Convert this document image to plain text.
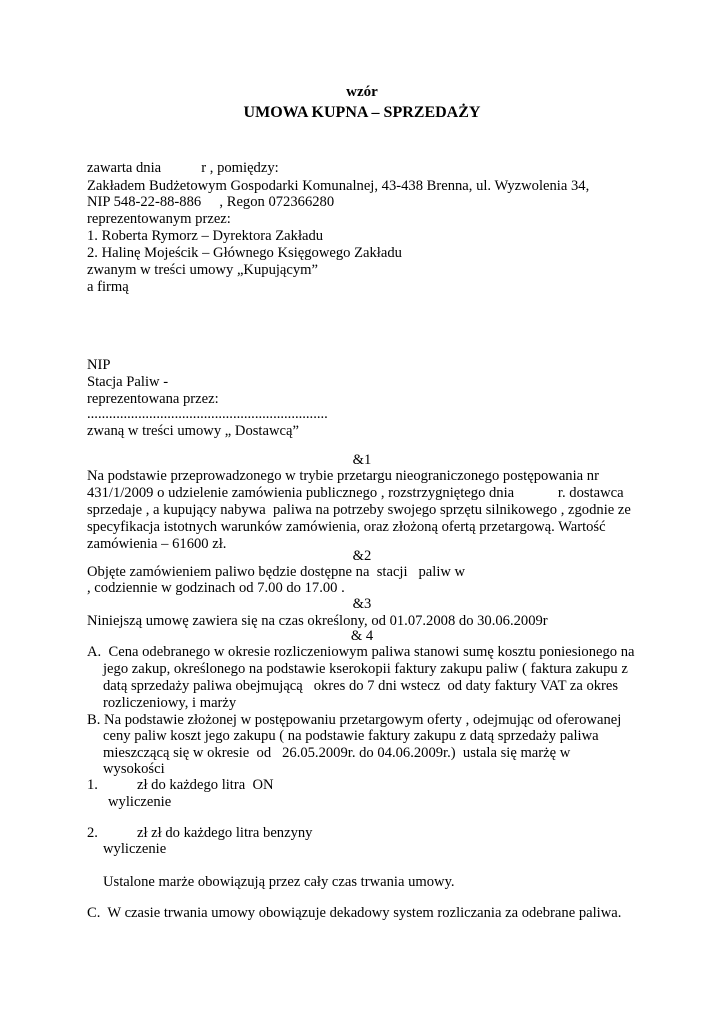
wzór
UMOWA KUPNA – SPRZEDAŻY
zawarta dnia           r , pomiędzy:
Zakładem Budżetowym Gospodarki Komunalnej, 43-438 Brenna, ul. Wyzwolenia 34,
NIP 548-22-88-886     , Regon 072366280
reprezentowanym przez:
1. Roberta Rymorz – Dyrektora Zakładu
2. Halinę Mojeścik – Głównego Księgowego Zakładu
zwanym w treści umowy „Kupującym”
a firmą
NIP
Stacja Paliw -
reprezentowana przez:
..................................................................
zwaną w treści umowy „ Dostawcą”
&1
Na podstawie przeprowadzonego w trybie przetargu nieograniczonego postępowania nr
431/1/2009 o udzielenie zamówienia publicznego , rozstrzygniętego dnia            r. dostawca
sprzedaje , a kupujący nabywa  paliwa na potrzeby swojego sprzętu silnikowego , zgodnie ze
specyfikacja istotnych warunków zamówienia, oraz złożoną ofertą przetargową. Wartość
zamówienia – 61600 zł.
&2
Objęte zamówieniem paliwo będzie dostępne na  stacji   paliw w
, codziennie w godzinach od 7.00 do 17.00 .
&3
Niniejszą umowę zawiera się na czas określony, od 01.07.2008 do 30.06.2009r
& 4
A.  Cena odebranego w okresie rozliczeniowym paliwa stanowi sumę kosztu poniesionego na
jego zakup, określonego na podstawie kserokopii faktury zakupu paliw ( faktura zakupu z
datą sprzedaży paliwa obejmującą   okres do 7 dni wstecz  od daty faktury VAT za okres
rozliczeniowy, i marży
B. Na podstawie złożonej w postępowaniu przetargowym oferty , odejmując od oferowanej
ceny paliw koszt jego zakupu ( na podstawie faktury zakupu z datą sprzedaży paliwa
mieszczącą się w okresie  od   26.05.2009r. do 04.06.2009r.)  ustala się marżę w
wysokości
1.	zł do każdego litra  ON
wyliczenie
2.	zł zł do każdego litra benzyny
wyliczenie
Ustalone marże obowiązują przez cały czas trwania umowy.
C.  W czasie trwania umowy obowiązuje dekadowy system rozliczania za odebrane paliwa.
